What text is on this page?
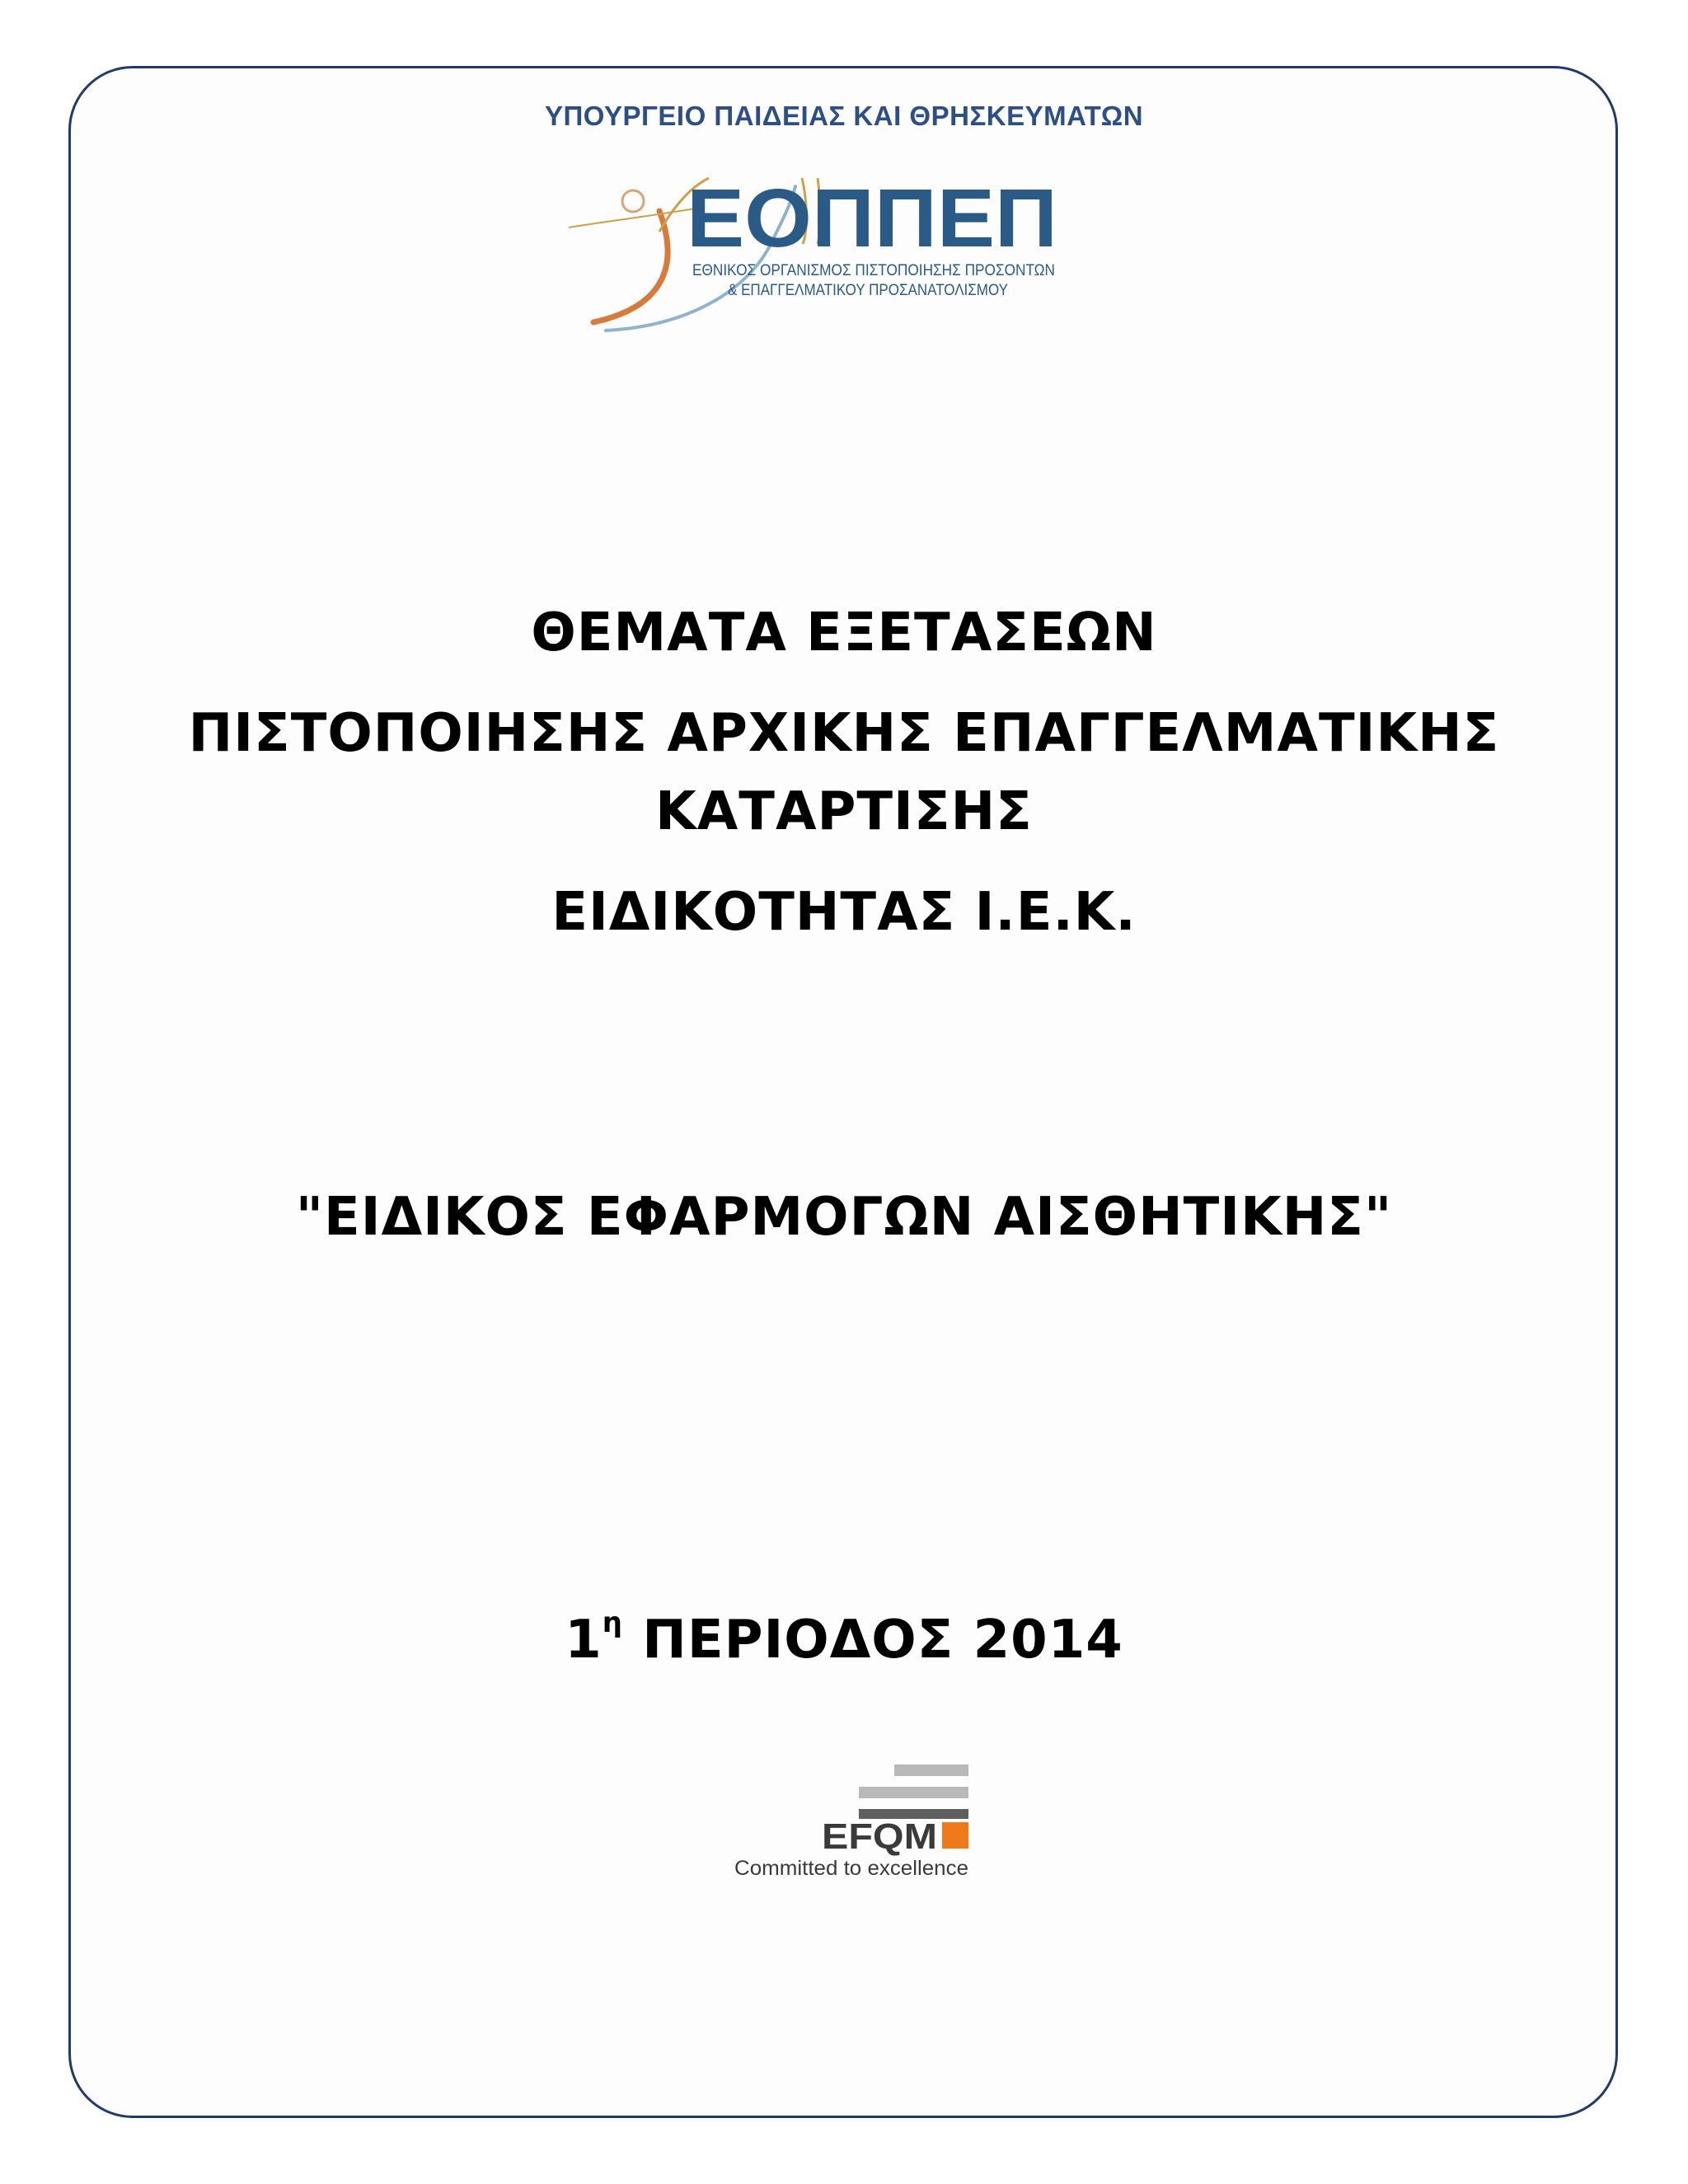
ΥΠΟΥΡΓΕΙΟ ΠΑΙΔΕΙΑΣ ΚΑΙ ΘΡΗΣΚΕΥΜΑΤΩΝ
ΕΟΠΠΕΠ
ΕΘΝΙΚΟΣ ΟΡΓΑΝΙΣΜΟΣ ΠΙΣΤΟΠΟΙΗΣΗΣ ΠΡΟΣΟΝΤΩΝ
& ΕΠΑΓΓΕΛΜΑΤΙΚΟΥ ΠΡΟΣΑΝΑΤΟΛΙΣΜΟΥ
ΘΕΜΑΤΑ ΕΞΕΤΑΣΕΩΝ
ΠΙΣΤΟΠΟΙΗΣΗΣ ΑΡΧΙΚΗΣ ΕΠΑΓΓΕΛΜΑΤΙΚΗΣ
ΚΑΤΑΡΤΙΣΗΣ
ΕΙΔΙΚΟΤΗΤΑΣ Ι.Ε.Κ.
"ΕΙΔΙΚΟΣ ΕΦΑΡΜΟΓΩΝ ΑΙΣΘΗΤΙΚΗΣ"
$1^\eta$ ΠΕΡΙΟΔΟΣ 2014
EFQM
Committed to excellence
